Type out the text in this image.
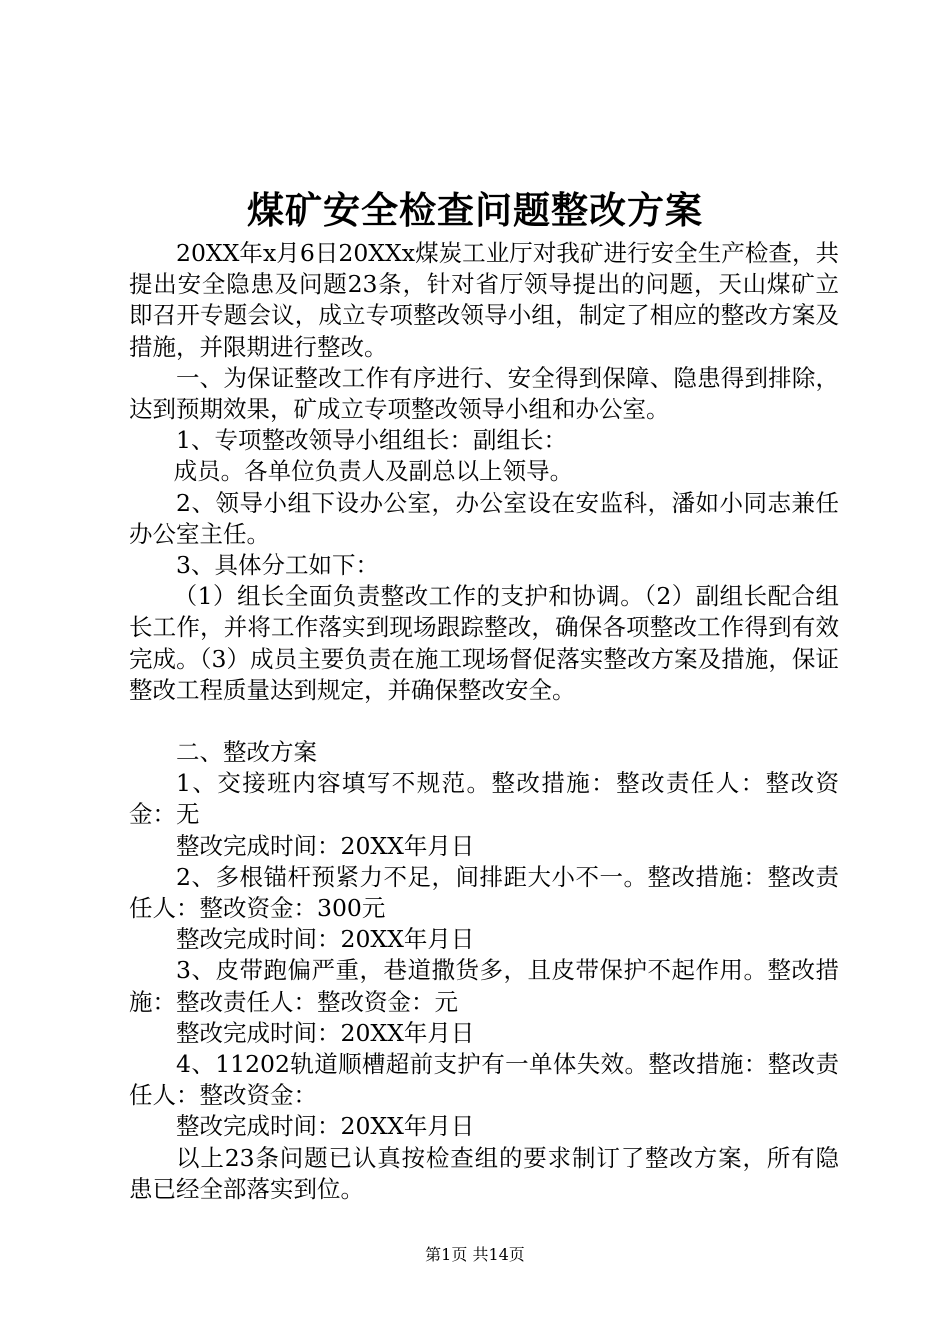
煤矿安全检查问题整改方案

20XX年x月6日20XXx煤炭工业厅对我矿进行安全生产检查，共提出安全隐患及问题23条，针对省厅领导提出的问题，天山煤矿立即召开专题会议，成立专项整改领导小组，制定了相应的整改方案及措施，并限期进行整改。

一、为保证整改工作有序进行、安全得到保障、隐患得到排除，达到预期效果，矿成立专项整改领导小组和办公室。

1、专项整改领导小组组长：副组长：

成员。各单位负责人及副总以上领导。

2、领导小组下设办公室，办公室设在安监科，潘如小同志兼任办公室主任。

3、具体分工如下：

（1）组长全面负责整改工作的支护和协调。（2）副组长配合组长工作，并将工作落实到现场跟踪整改，确保各项整改工作得到有效完成。（3）成员主要负责在施工现场督促落实整改方案及措施，保证整改工程质量达到规定，并确保整改安全。

二、整改方案

1、交接班内容填写不规范。整改措施：整改责任人：整改资金：无

整改完成时间：20XX年月日

2、多根锚杆预紧力不足，间排距大小不一。整改措施：整改责任人：整改资金：300元

整改完成时间：20XX年月日

3、皮带跑偏严重，巷道撒货多，且皮带保护不起作用。整改措施：整改责任人：整改资金：元

整改完成时间：20XX年月日

4、11202轨道顺槽超前支护有一单体失效。整改措施：整改责任人：整改资金：

整改完成时间：20XX年月日

以上23条问题已认真按检查组的要求制订了整改方案，所有隐患已经全部落实到位。

第1页 共14页
